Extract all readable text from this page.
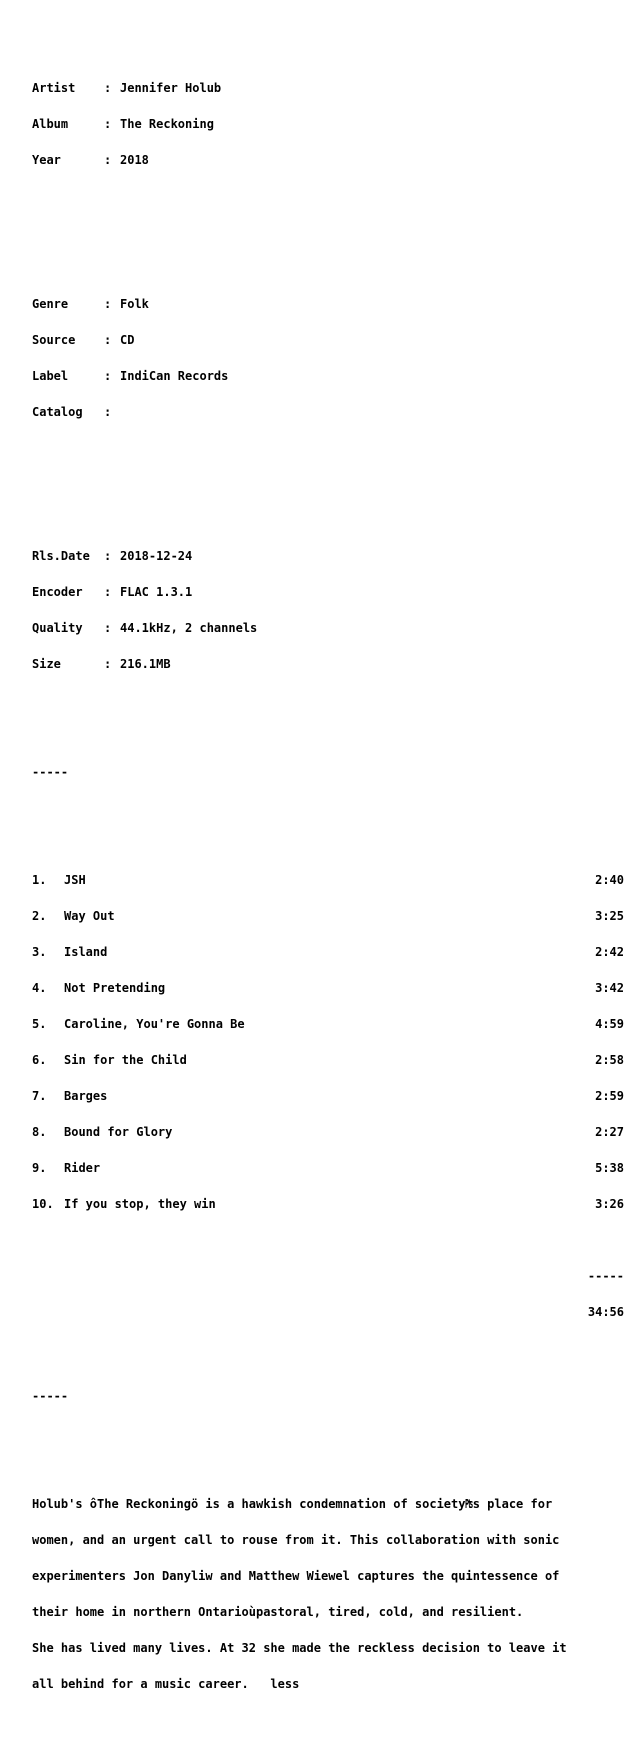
Artist	: Jennifer Holub

Album	: The Reckoning

Year	: 2018

Genre	: Folk

Source	: CD

Label	: IndiCan Records

Catalog	:

Rls.Date	: 2018-12-24

Encoder	: FLAC 1.3.1

Quality	: 44.1kHz, 2 channels

Size	: 216.1MB

-----

1.	JSH	2:40

2.	Way Out	3:25

3.	Island	2:42

4.	Not Pretending	3:42

5.	Caroline, You're Gonna Be	4:59

6.	Sin for the Child	2:58

7.	Barges	2:59

8.	Bound for Glory	2:27

9.	Rider	5:38

10. If you stop, they win	3:26

-----

34:56

-----

Holub's ôThe Reckoningö is a hawkish condemnation of society₧s place for

women, and an urgent call to rouse from it. This collaboration with sonic

experimenters Jon Danyliw and Matthew Wiewel captures the quintessence of

their home in northern Ontarioùpastoral, tired, cold, and resilient.

She has lived many lives. At 32 she made the reckless decision to leave it

all behind for a music career.   less
